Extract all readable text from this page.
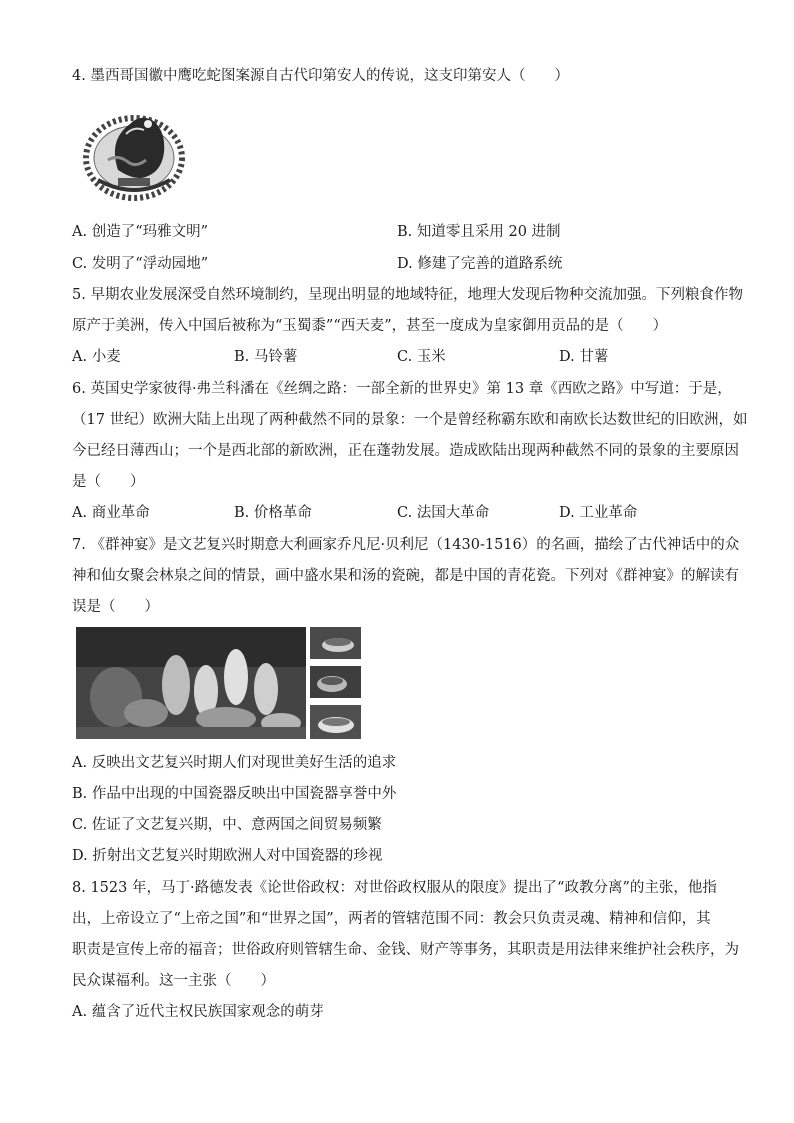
4. 墨西哥国徽中鹰吃蛇图案源自古代印第安人的传说，这支印第安人（　　）
A. 创造了“玛雅文明”	B. 知道零且采用 20 进制
C. 发明了“浮动园地”	D. 修建了完善的道路系统
5. 早期农业发展深受自然环境制约，呈现出明显的地域特征，地理大发现后物种交流加强。下列粮食作物
原产于美洲，传入中国后被称为“玉蜀黍”“西天麦”，甚至一度成为皇家御用贡品的是（　　）
A. 小麦	B. 马铃薯	C. 玉米	D. 甘薯
6. 英国史学家彼得·弗兰科潘在《丝绸之路：一部全新的世界史》第 13 章《西欧之路》中写道：于是，
（17 世纪）欧洲大陆上出现了两种截然不同的景象：一个是曾经称霸东欧和南欧长达数世纪的旧欧洲，如
今已经日薄西山；一个是西北部的新欧洲，正在蓬勃发展。造成欧陆出现两种截然不同的景象的主要原因
是（　　）
A. 商业革命	B. 价格革命	C. 法国大革命	D. 工业革命
7. 《群神宴》是文艺复兴时期意大利画家乔凡尼·贝利尼（1430-1516）的名画，描绘了古代神话中的众
神和仙女聚会林泉之间的情景，画中盛水果和汤的瓷碗，都是中国的青花瓷。下列对《群神宴》的解读有
误是（　　）
A. 反映出文艺复兴时期人们对现世美好生活的追求
B. 作品中出现的中国瓷器反映出中国瓷器享誉中外
C. 佐证了文艺复兴期，中、意两国之间贸易频繁
D. 折射出文艺复兴时期欧洲人对中国瓷器的珍视
8. 1523 年，马丁·路德发表《论世俗政权：对世俗政权服从的限度》提出了“政教分离”的主张，他指
出，上帝设立了“上帝之国”和“世界之国”，两者的管辖范围不同：教会只负责灵魂、精神和信仰，其
职责是宣传上帝的福音；世俗政府则管辖生命、金钱、财产等事务，其职责是用法律来维护社会秩序，为
民众谋福利。这一主张（　　）
A. 蕴含了近代主权民族国家观念的萌芽
